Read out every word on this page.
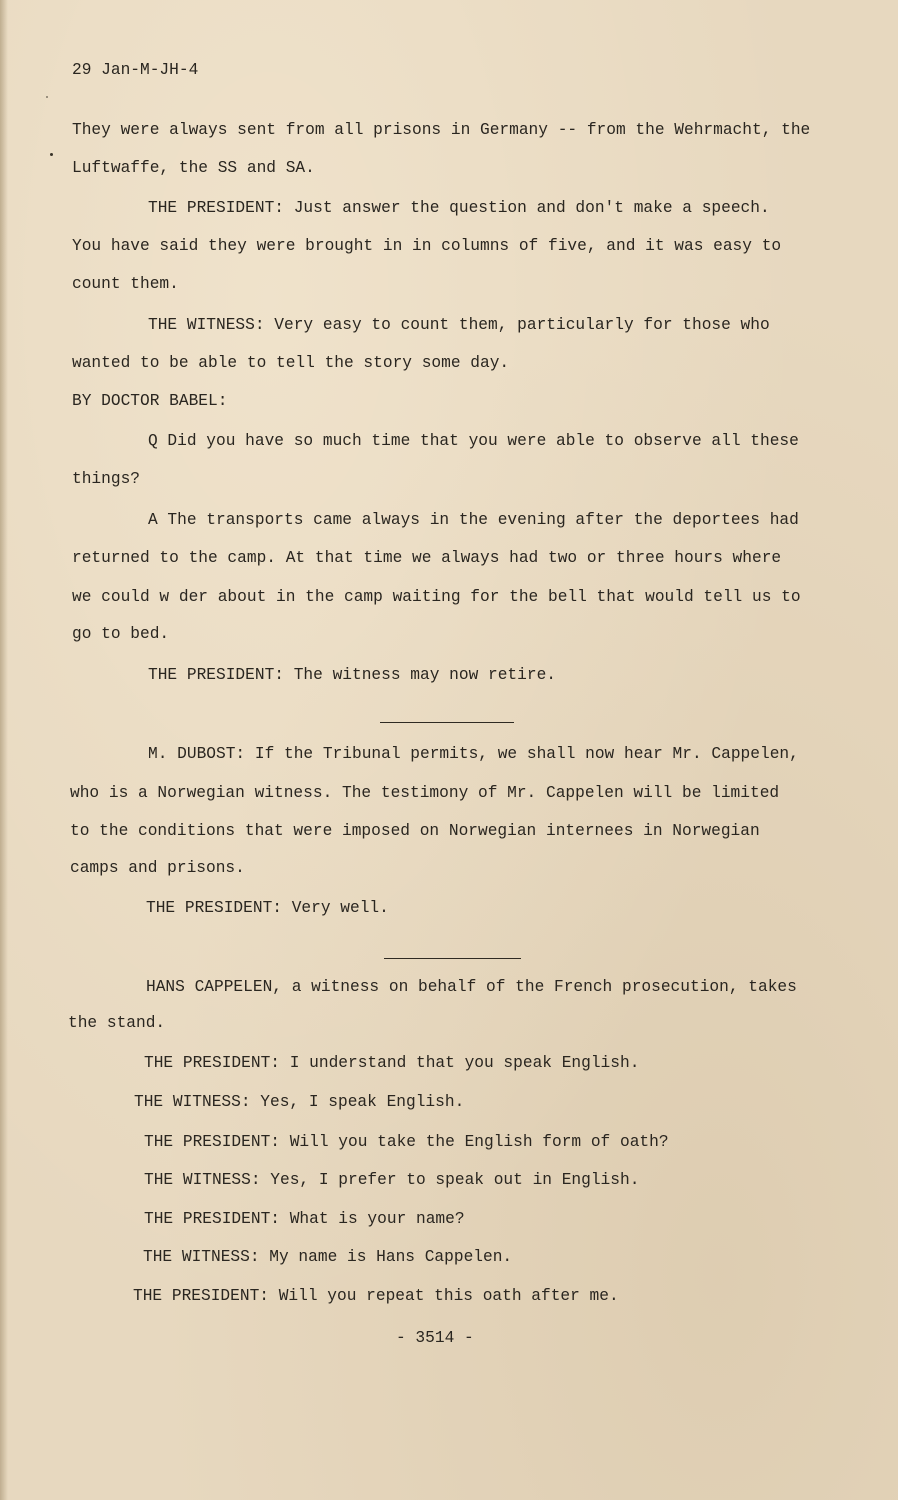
29 Jan-M-JH-4
They were always sent from all prisons in Germany -- from the Wehrmacht, the
Luftwaffe, the SS and SA.
THE PRESIDENT: Just answer the question and don't make a speech.
You have said they were brought in in columns of five, and it was easy to
count them.
THE WITNESS: Very easy to count them, particularly for those who
wanted to be able to tell the story some day.
BY DOCTOR BABEL:
Q Did you have so much time that you were able to observe all these
things?
A The transports came always in the evening after the deportees had
returned to the camp. At that time we always had two or three hours where
we could w der about in the camp waiting for the bell that would tell us to
go to bed.
THE PRESIDENT: The witness may now retire.
M. DUBOST: If the Tribunal permits, we shall now hear Mr. Cappelen,
who is a Norwegian witness. The testimony of Mr. Cappelen will be limited
to the conditions that were imposed on Norwegian internees in Norwegian
camps and prisons.
THE PRESIDENT: Very well.
HANS CAPPELEN, a witness on behalf of the French prosecution, takes
the stand.
THE PRESIDENT: I understand that you speak English.
THE WITNESS: Yes, I speak English.
THE PRESIDENT: Will you take the English form of oath?
THE WITNESS: Yes, I prefer to speak out in English.
THE PRESIDENT: What is your name?
THE WITNESS: My name is Hans Cappelen.
THE PRESIDENT: Will you repeat this oath after me.
- 3514 -
